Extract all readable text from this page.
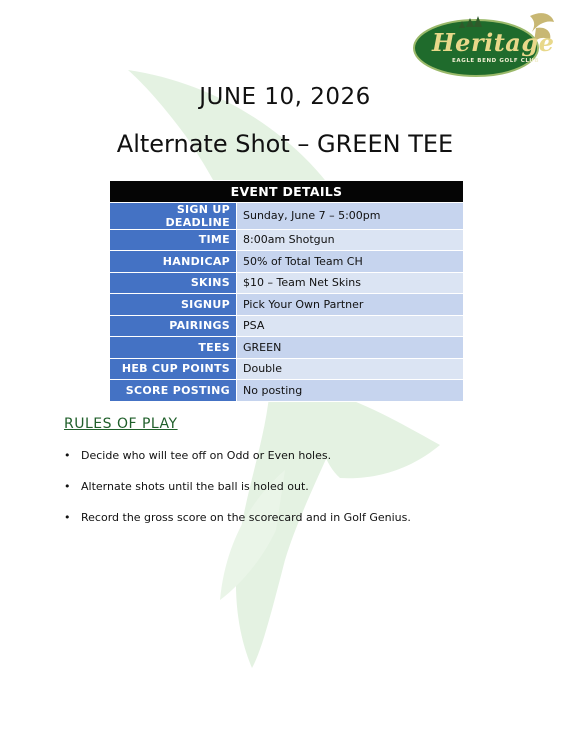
Heritage
EAGLE BEND GOLF CLUB
JUNE 10, 2026
Alternate Shot – GREEN TEE
EVENT DETAILS	
SIGN UP DEADLINE	Sunday, June 7 – 5:00pm
TIME	8:00am Shotgun
HANDICAP	50% of Total Team CH
SKINS	$10 – Team Net Skins
SIGNUP	Pick Your Own Partner
PAIRINGS	PSA
TEES	GREEN
HEB CUP POINTS	Double
SCORE POSTING	No posting
RULES OF PLAY
• Decide who will tee off on Odd or Even holes.
• Alternate shots until the ball is holed out.
• Record the gross score on the scorecard and in Golf Genius.
